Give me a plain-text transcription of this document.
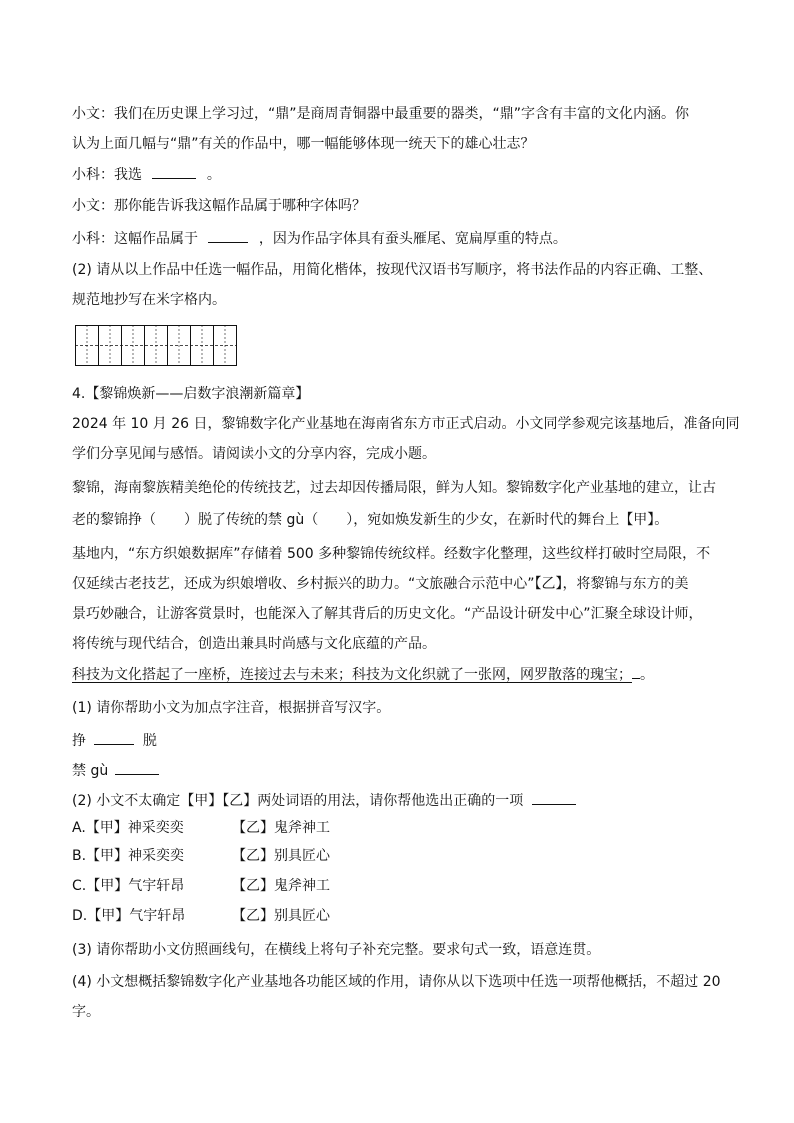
小文：我们在历史课上学习过，“鼎”是商周青铜器中最重要的器类，“鼎”字含有丰富的文化内涵。你
认为上面几幅与“鼎”有关的作品中，哪一幅能够体现一统天下的雄心壮志？
小科：我选	。
小文：那你能告诉我这幅作品属于哪种字体吗？
小科：这幅作品属于	，因为作品字体具有蚕头雁尾、宽扁厚重的特点。
(2) 请从以上作品中任选一幅作品，用简化楷体，按现代汉语书写顺序，将书法作品的内容正确、工整、
规范地抄写在米字格内。
4.【黎锦焕新——启数字浪潮新篇章】
2024 年 10 月 26 日，黎锦数字化产业基地在海南省东方市正式启动。小文同学参观完该基地后，准备向同
学们分享见闻与感悟。请阅读小文的分享内容，完成小题。
黎锦，海南黎族精美绝伦的传统技艺，过去却因传播局限，鲜为人知。黎锦数字化产业基地的建立，让古
老的黎锦挣（　　）脱了传统的禁 gù（　　），宛如焕发新生的少女，在新时代的舞台上【甲】。
基地内，“东方织娘数据库”存储着 500 多种黎锦传统纹样。经数字化整理，这些纹样打破时空局限，不
仅延续古老技艺，还成为织娘增收、乡村振兴的助力。“文旅融合示范中心”【乙】，将黎锦与东方的美
景巧妙融合，让游客赏景时，也能深入了解其背后的历史文化。“产品设计研发中心”汇聚全球设计师，
将传统与现代结合，创造出兼具时尚感与文化底蕴的产品。
科技为文化搭起了一座桥，连接过去与未来；科技为文化织就了一张网，网罗散落的瑰宝； 。
(1) 请你帮助小文为加点字注音，根据拼音写汉字。
挣	脱
禁 gù
(2) 小文不太确定【甲】【乙】两处词语的用法，请你帮他选出正确的一项
A.【甲】神采奕奕	【乙】鬼斧神工
B.【甲】神采奕奕	【乙】别具匠心
C.【甲】气宇轩昂	【乙】鬼斧神工
D.【甲】气宇轩昂	【乙】别具匠心
(3) 请你帮助小文仿照画线句，在横线上将句子补充完整。要求句式一致，语意连贯。
(4) 小文想概括黎锦数字化产业基地各功能区域的作用，请你从以下选项中任选一项帮他概括，不超过 20
字。
